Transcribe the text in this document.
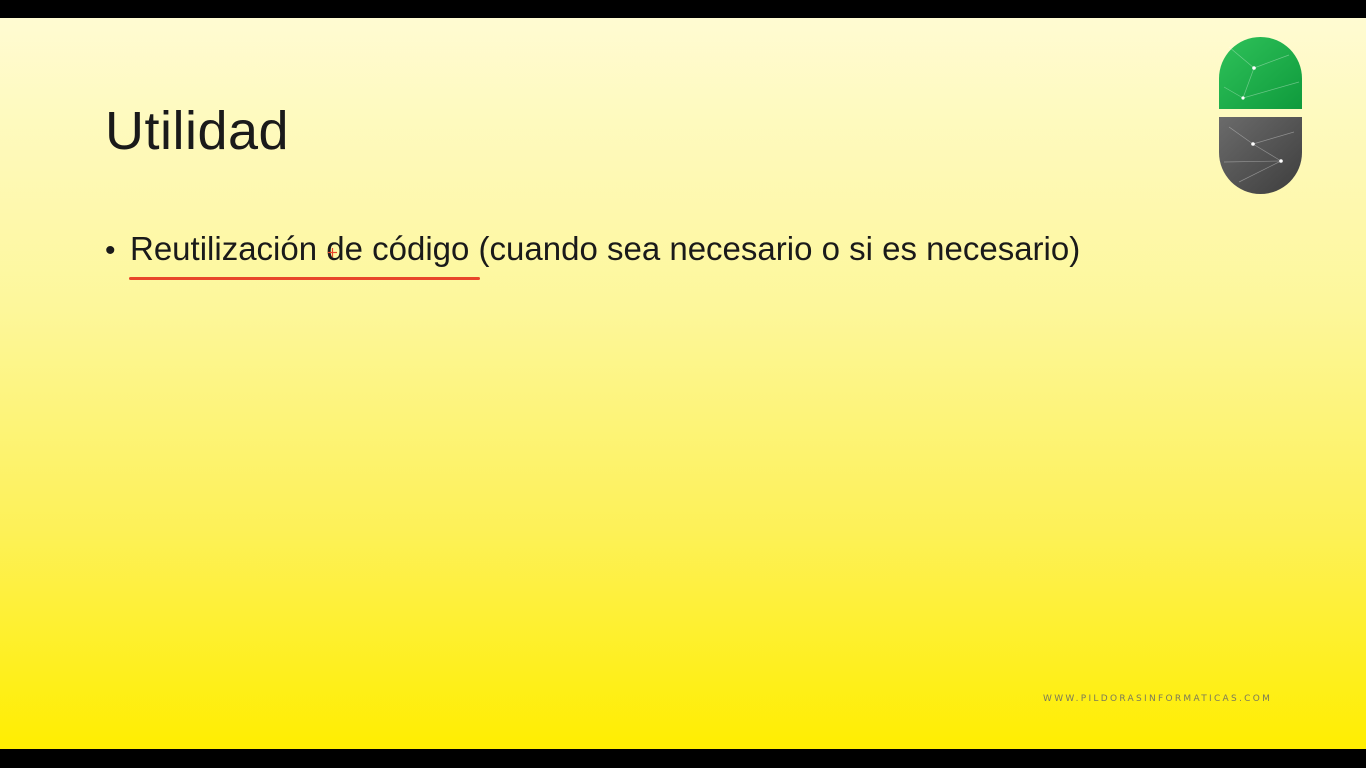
Utilidad
• Reutilización de código (cuando sea necesario o si es necesario)
WWW.PILDORASINFORMATICAS.COM
